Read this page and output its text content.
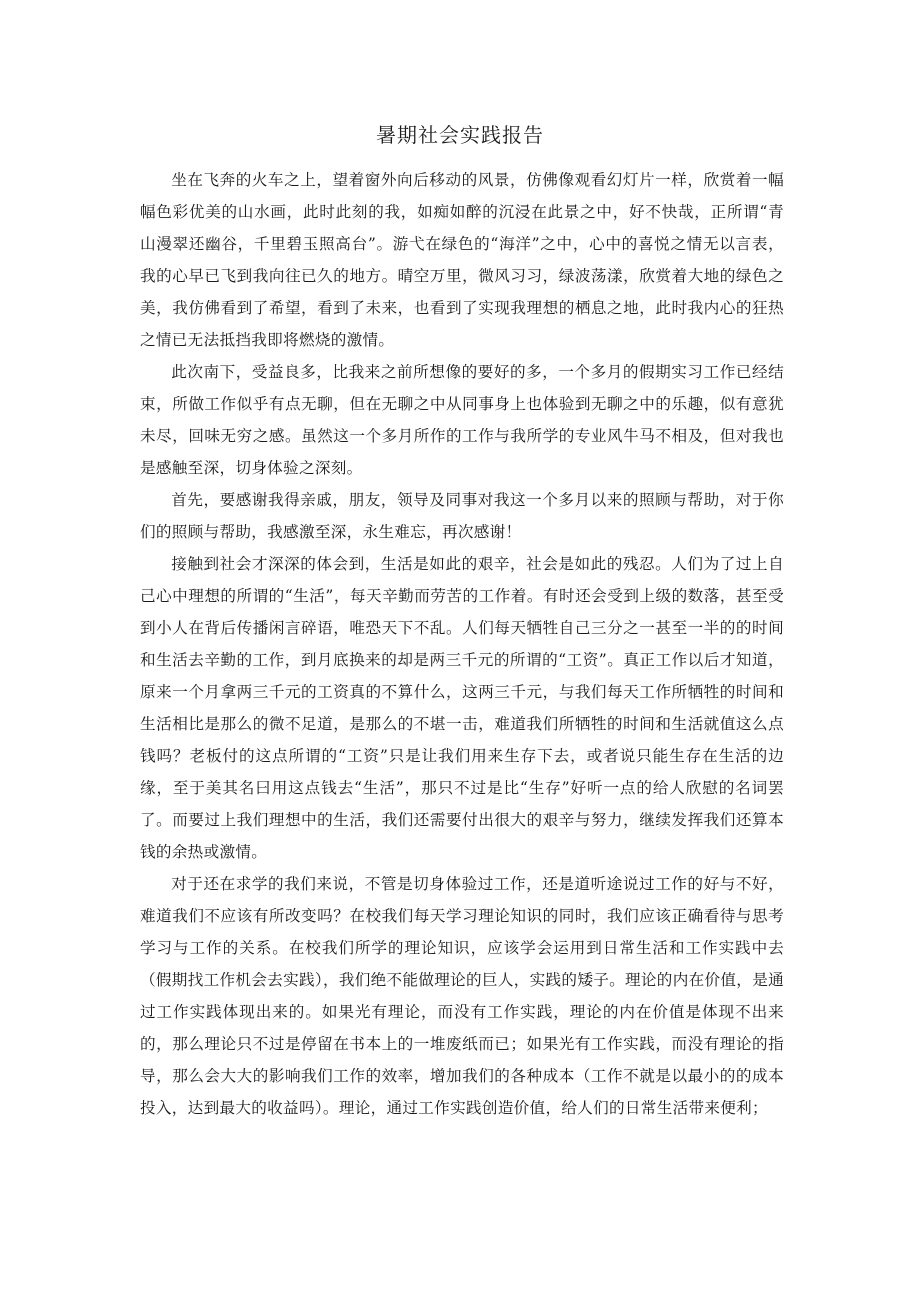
暑期社会实践报告

坐在飞奔的火车之上，望着窗外向后移动的风景，仿佛像观看幻灯片一样，欣赏着一幅幅色彩优美的山水画，此时此刻的我，如痴如醉的沉浸在此景之中，好不快哉，正所谓“青山漫翠还幽谷，千里碧玉照高台”。游弋在绿色的“海洋”之中，心中的喜悦之情无以言表，我的心早已飞到我向往已久的地方。晴空万里，微风习习，绿波荡漾，欣赏着大地的绿色之美，我仿佛看到了希望，看到了未来，也看到了实现我理想的栖息之地，此时我内心的狂热之情已无法抵挡我即将燃烧的激情。

此次南下，受益良多，比我来之前所想像的要好的多，一个多月的假期实习工作已经结束，所做工作似乎有点无聊，但在无聊之中从同事身上也体验到无聊之中的乐趣，似有意犹未尽，回味无穷之感。虽然这一个多月所作的工作与我所学的专业风牛马不相及，但对我也是感触至深，切身体验之深刻。

首先，要感谢我得亲戚，朋友，领导及同事对我这一个多月以来的照顾与帮助，对于你们的照顾与帮助，我感激至深，永生难忘，再次感谢！

接触到社会才深深的体会到，生活是如此的艰辛，社会是如此的残忍。人们为了过上自己心中理想的所谓的“生活”，每天辛勤而劳苦的工作着。有时还会受到上级的数落，甚至受到小人在背后传播闲言碎语，唯恐天下不乱。人们每天牺牲自己三分之一甚至一半的的时间和生活去辛勤的工作，到月底换来的却是两三千元的所谓的“工资”。真正工作以后才知道，原来一个月拿两三千元的工资真的不算什么，这两三千元，与我们每天工作所牺牲的时间和生活相比是那么的微不足道，是那么的不堪一击，难道我们所牺牲的时间和生活就值这么点钱吗？老板付的这点所谓的“工资”只是让我们用来生存下去，或者说只能生存在生活的边缘，至于美其名曰用这点钱去“生活”，那只不过是比“生存”好听一点的给人欣慰的名词罢了。而要过上我们理想中的生活，我们还需要付出很大的艰辛与努力，继续发挥我们还算本钱的余热或激情。

对于还在求学的我们来说，不管是切身体验过工作，还是道听途说过工作的好与不好，难道我们不应该有所改变吗？在校我们每天学习理论知识的同时，我们应该正确看待与思考学习与工作的关系。在校我们所学的理论知识，应该学会运用到日常生活和工作实践中去（假期找工作机会去实践），我们绝不能做理论的巨人，实践的矮子。理论的内在价值，是通过工作实践体现出来的。如果光有理论，而没有工作实践，理论的内在价值是体现不出来的，那么理论只不过是停留在书本上的一堆废纸而已；如果光有工作实践，而没有理论的指导，那么会大大的影响我们工作的效率，增加我们的各种成本（工作不就是以最小的的成本投入，达到最大的收益吗）。理论，通过工作实践创造价值，给人们的日常生活带来便利；
